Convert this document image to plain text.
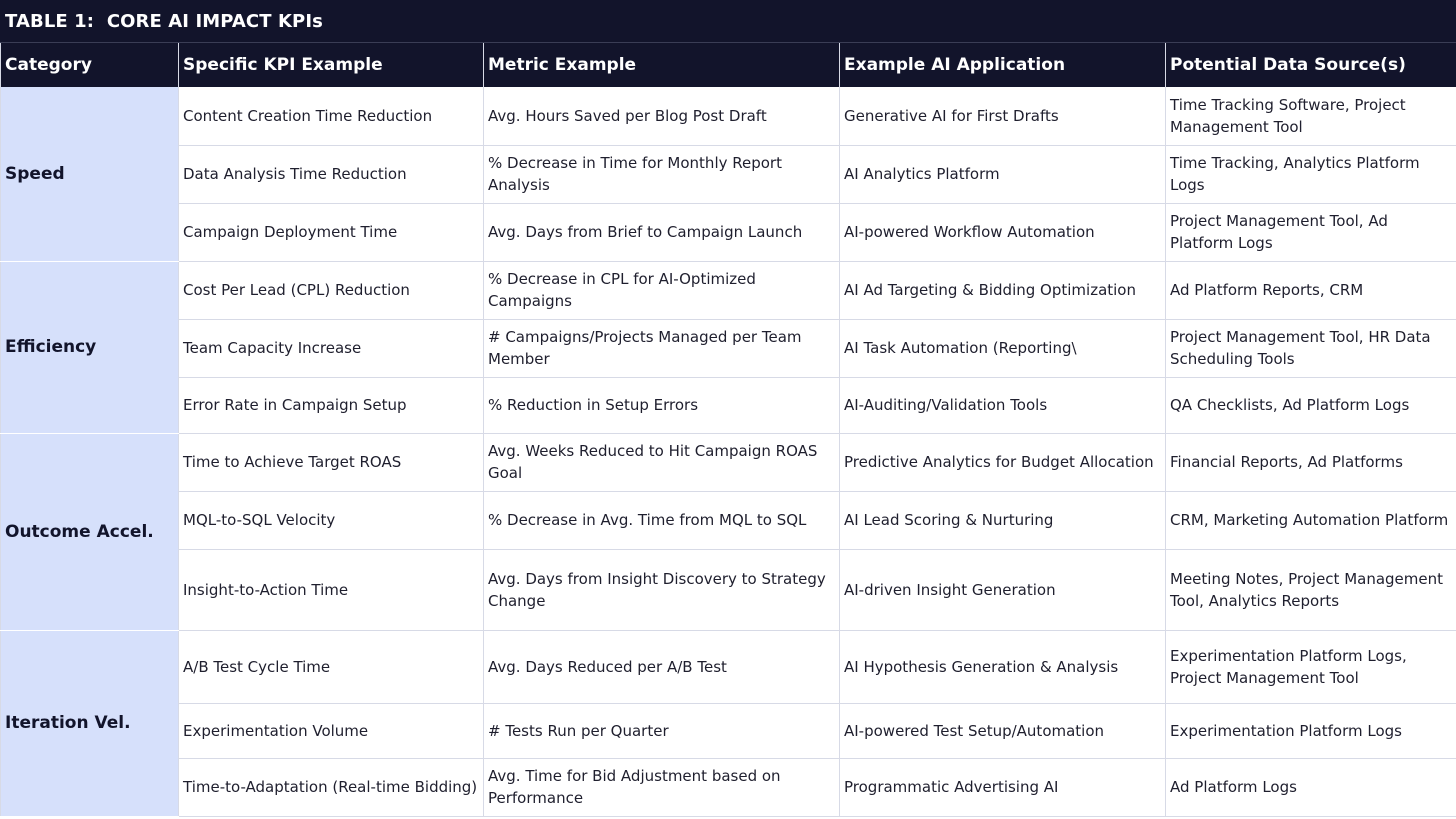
TABLE 1:  CORE AI IMPACT KPIs
Category	Specific KPI Example	Metric Example	Example AI Application	Potential Data Source(s)
Speed	Content Creation Time Reduction	Avg. Hours Saved per Blog Post Draft	Generative AI for First Drafts	Time Tracking Software, Project Management Tool
	Data Analysis Time Reduction	% Decrease in Time for Monthly Report Analysis	AI Analytics Platform	Time Tracking, Analytics Platform Logs
	Campaign Deployment Time	Avg. Days from Brief to Campaign Launch	AI-powered Workflow Automation	Project Management Tool, Ad Platform Logs
Efficiency	Cost Per Lead (CPL) Reduction	% Decrease in CPL for AI-Optimized Campaigns	AI Ad Targeting & Bidding Optimization	Ad Platform Reports, CRM
	Team Capacity Increase	# Campaigns/Projects Managed per Team Member	AI Task Automation (Reporting\	Project Management Tool, HR Data Scheduling Tools
	Error Rate in Campaign Setup	% Reduction in Setup Errors	AI-Auditing/Validation Tools	QA Checklists, Ad Platform Logs
Outcome Accel.	Time to Achieve Target ROAS	Avg. Weeks Reduced to Hit Campaign ROAS Goal	Predictive Analytics for Budget Allocation	Financial Reports, Ad Platforms
	MQL-to-SQL Velocity	% Decrease in Avg. Time from MQL to SQL	AI Lead Scoring & Nurturing	CRM, Marketing Automation Platform
	Insight-to-Action Time	Avg. Days from Insight Discovery to Strategy Change	AI-driven Insight Generation	Meeting Notes, Project Management Tool, Analytics Reports
Iteration Vel.	A/B Test Cycle Time	Avg. Days Reduced per A/B Test	AI Hypothesis Generation & Analysis	Experimentation Platform Logs, Project Management Tool
	Experimentation Volume	# Tests Run per Quarter	AI-powered Test Setup/Automation	Experimentation Platform Logs
	Time-to-Adaptation (Real-time Bidding)	Avg. Time for Bid Adjustment based on Performance	Programmatic Advertising AI	Ad Platform Logs
